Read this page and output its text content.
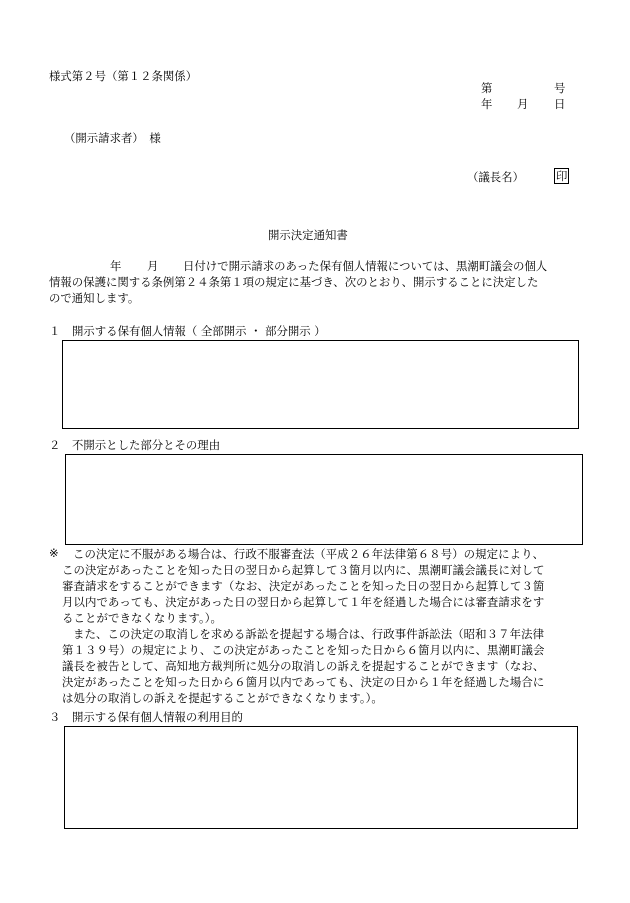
様式第２号（第１２条関係）
第	号
年 月 日
（開示請求者）　様
（議長名）	印
開示決定通知書
年 月 日付けで開示請求のあった保有個人情報については、黒潮町議会の個人
情報の保護に関する条例第２４条第１項の規定に基づき、次のとおり、開示することに決定した
ので通知します。
１ 開示する保有個人情報（ 全部開示 ・ 部分開示 ）
２ 不開示とした部分とその理由
※	この決定に不服がある場合は、行政不服審査法（平成２６年法律第６８号）の規定により、
この決定があったことを知った日の翌日から起算して３箇月以内に、黒潮町議会議長に対して
審査請求をすることができます（なお、決定があったことを知った日の翌日から起算して３箇
月以内であっても、決定があった日の翌日から起算して１年を経過した場合には審査請求をす
ることができなくなります。）。
また、この決定の取消しを求める訴訟を提起する場合は、行政事件訴訟法（昭和３７年法律
第１３９号）の規定により、この決定があったことを知った日から６箇月以内に、黒潮町議会
議長を被告として、高知地方裁判所に処分の取消しの訴えを提起することができます（なお、
決定があったことを知った日から６箇月以内であっても、決定の日から１年を経過した場合に
は処分の取消しの訴えを提起することができなくなります。）。
３ 開示する保有個人情報の利用目的
